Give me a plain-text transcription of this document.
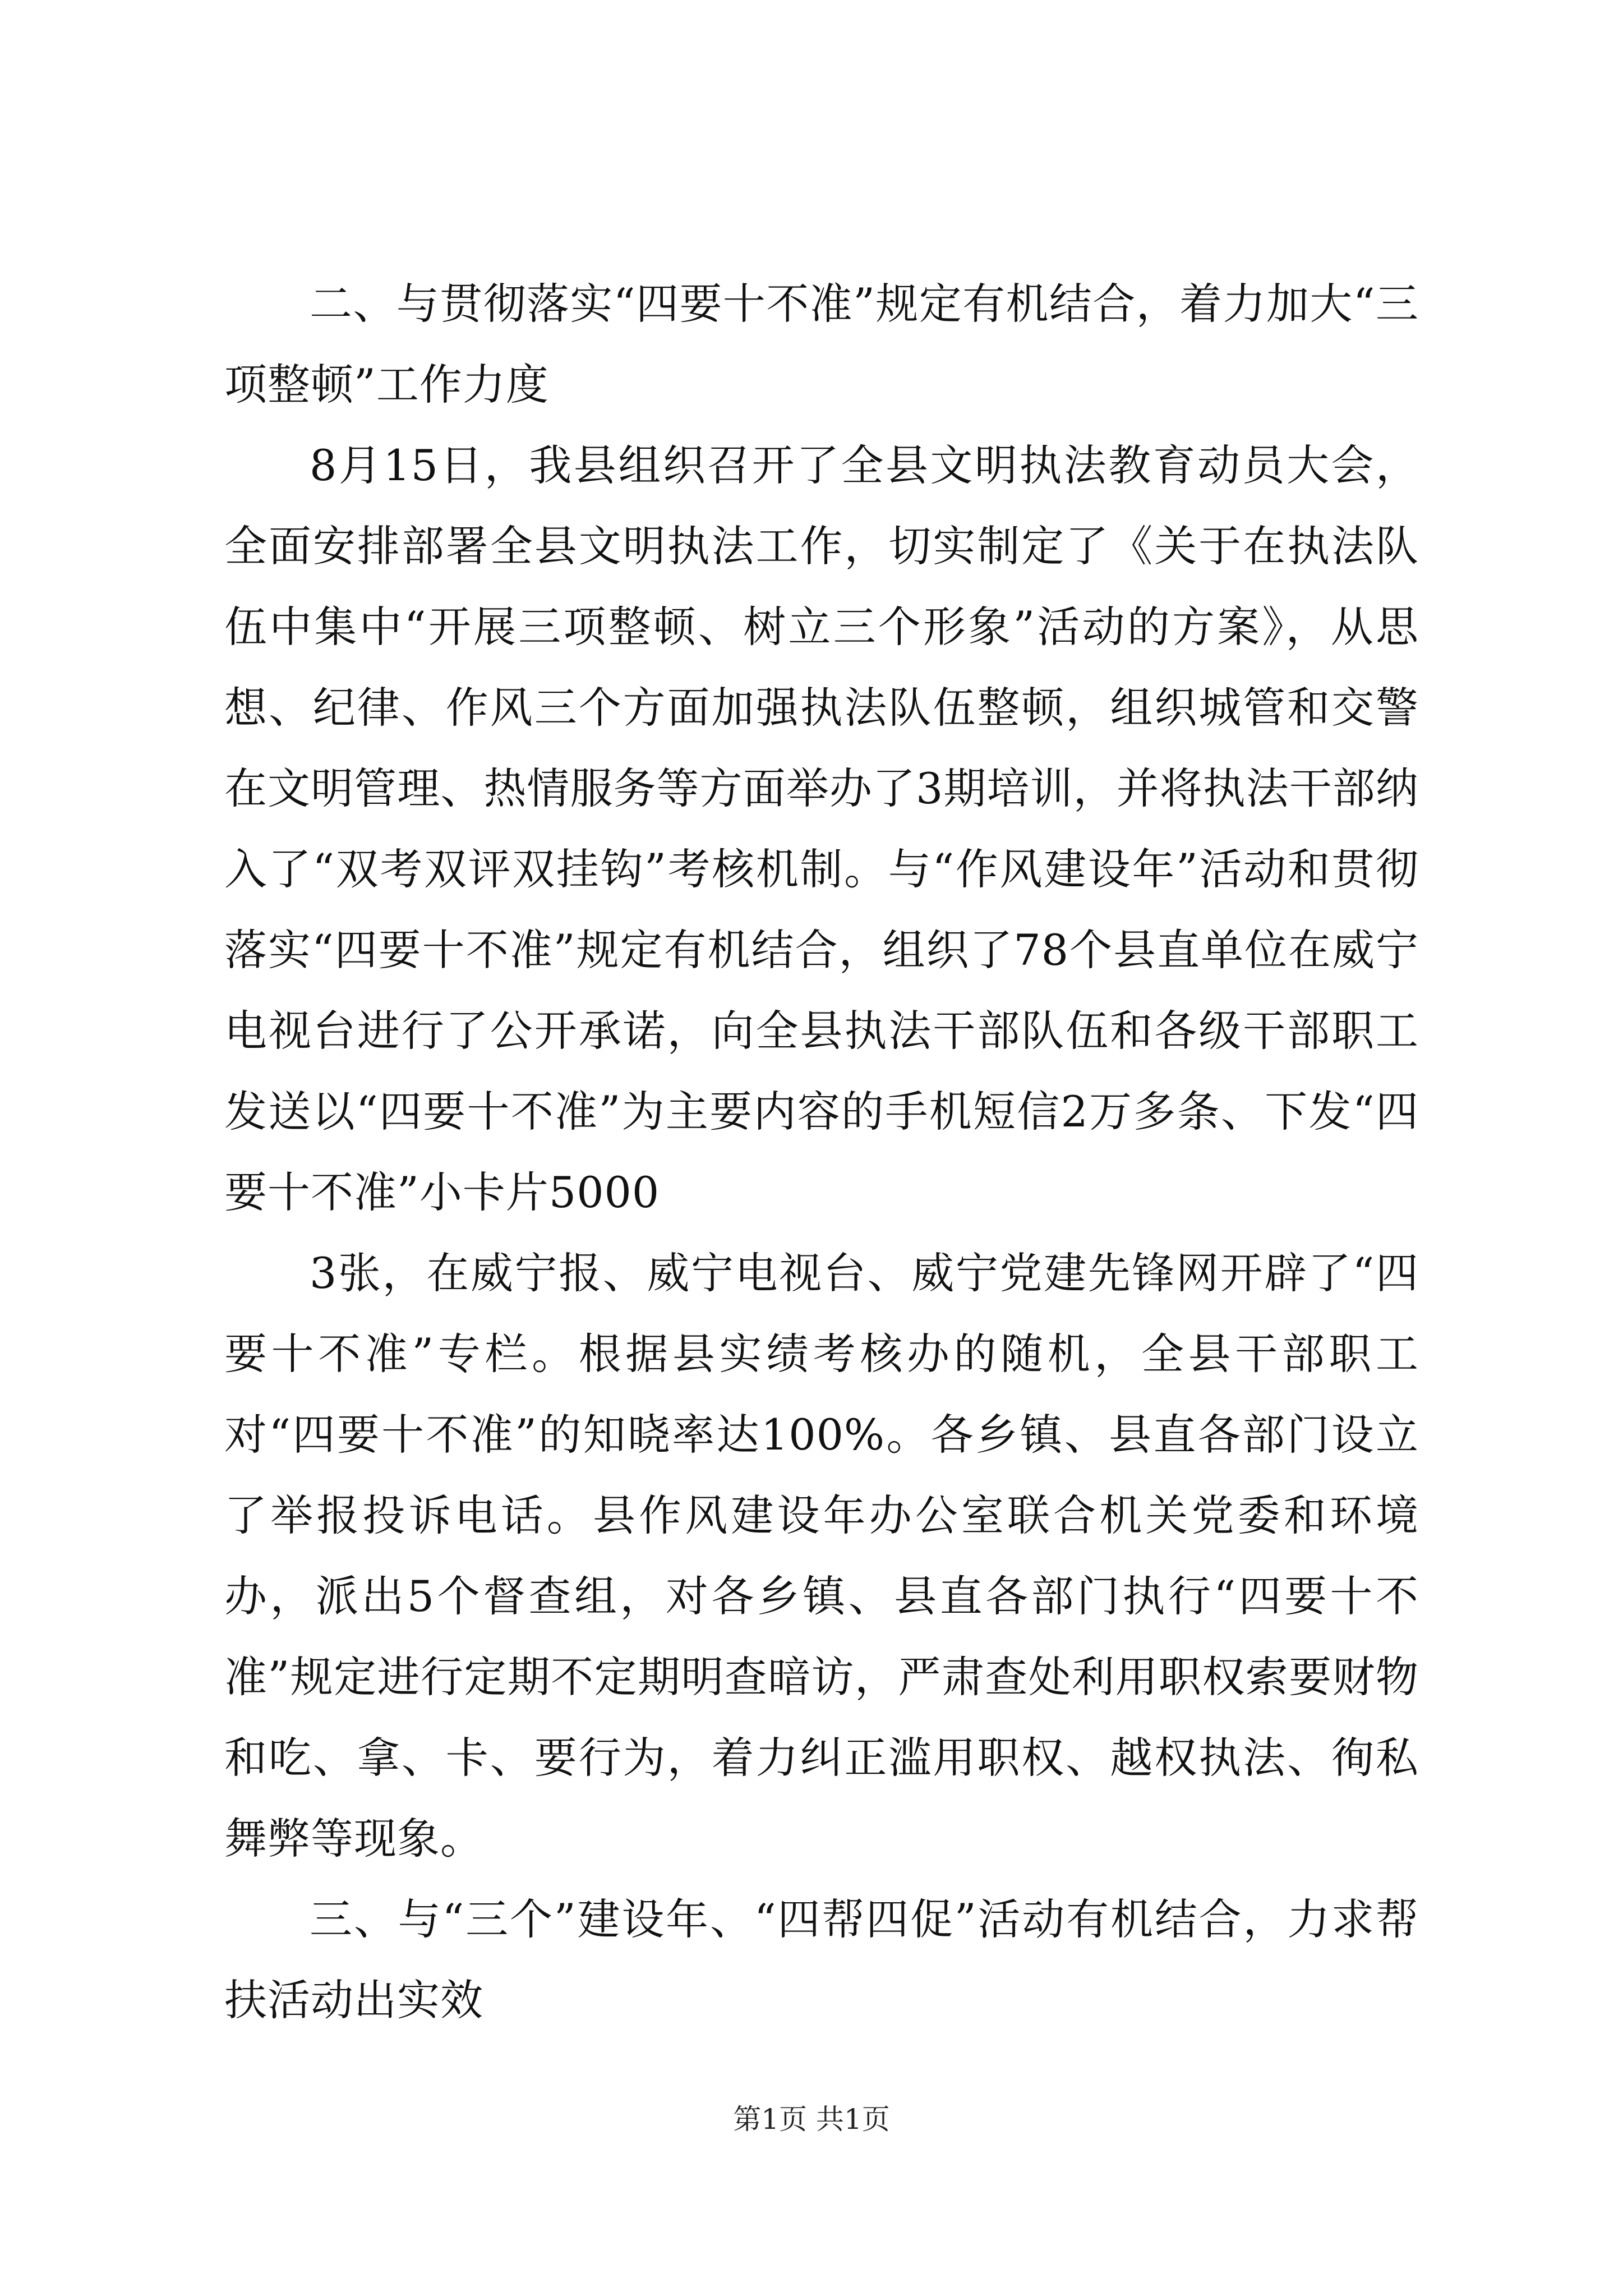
二、与贯彻落实“四要十不准”规定有机结合，着力加大“三项整顿”工作力度

8月15日，我县组织召开了全县文明执法教育动员大会，全面安排部署全县文明执法工作，切实制定了《关于在执法队伍中集中“开展三项整顿、树立三个形象”活动的方案》，从思想、纪律、作风三个方面加强执法队伍整顿，组织城管和交警在文明管理、热情服务等方面举办了3期培训，并将执法干部纳入了“双考双评双挂钩”考核机制。与“作风建设年”活动和贯彻落实“四要十不准”规定有机结合，组织了78个县直单位在威宁电视台进行了公开承诺，向全县执法干部队伍和各级干部职工发送以“四要十不准”为主要内容的手机短信2万多条、下发“四要十不准”小卡片5000

3张，在威宁报、威宁电视台、威宁党建先锋网开辟了“四要十不准”专栏。根据县实绩考核办的随机，全县干部职工对“四要十不准”的知晓率达100%。各乡镇、县直各部门设立了举报投诉电话。县作风建设年办公室联合机关党委和环境办，派出5个督查组，对各乡镇、县直各部门执行“四要十不准”规定进行定期不定期明查暗访，严肃查处利用职权索要财物和吃、拿、卡、要行为，着力纠正滥用职权、越权执法、徇私舞弊等现象。

三、与“三个”建设年、“四帮四促”活动有机结合，力求帮扶活动出实效

第1页 共1页
